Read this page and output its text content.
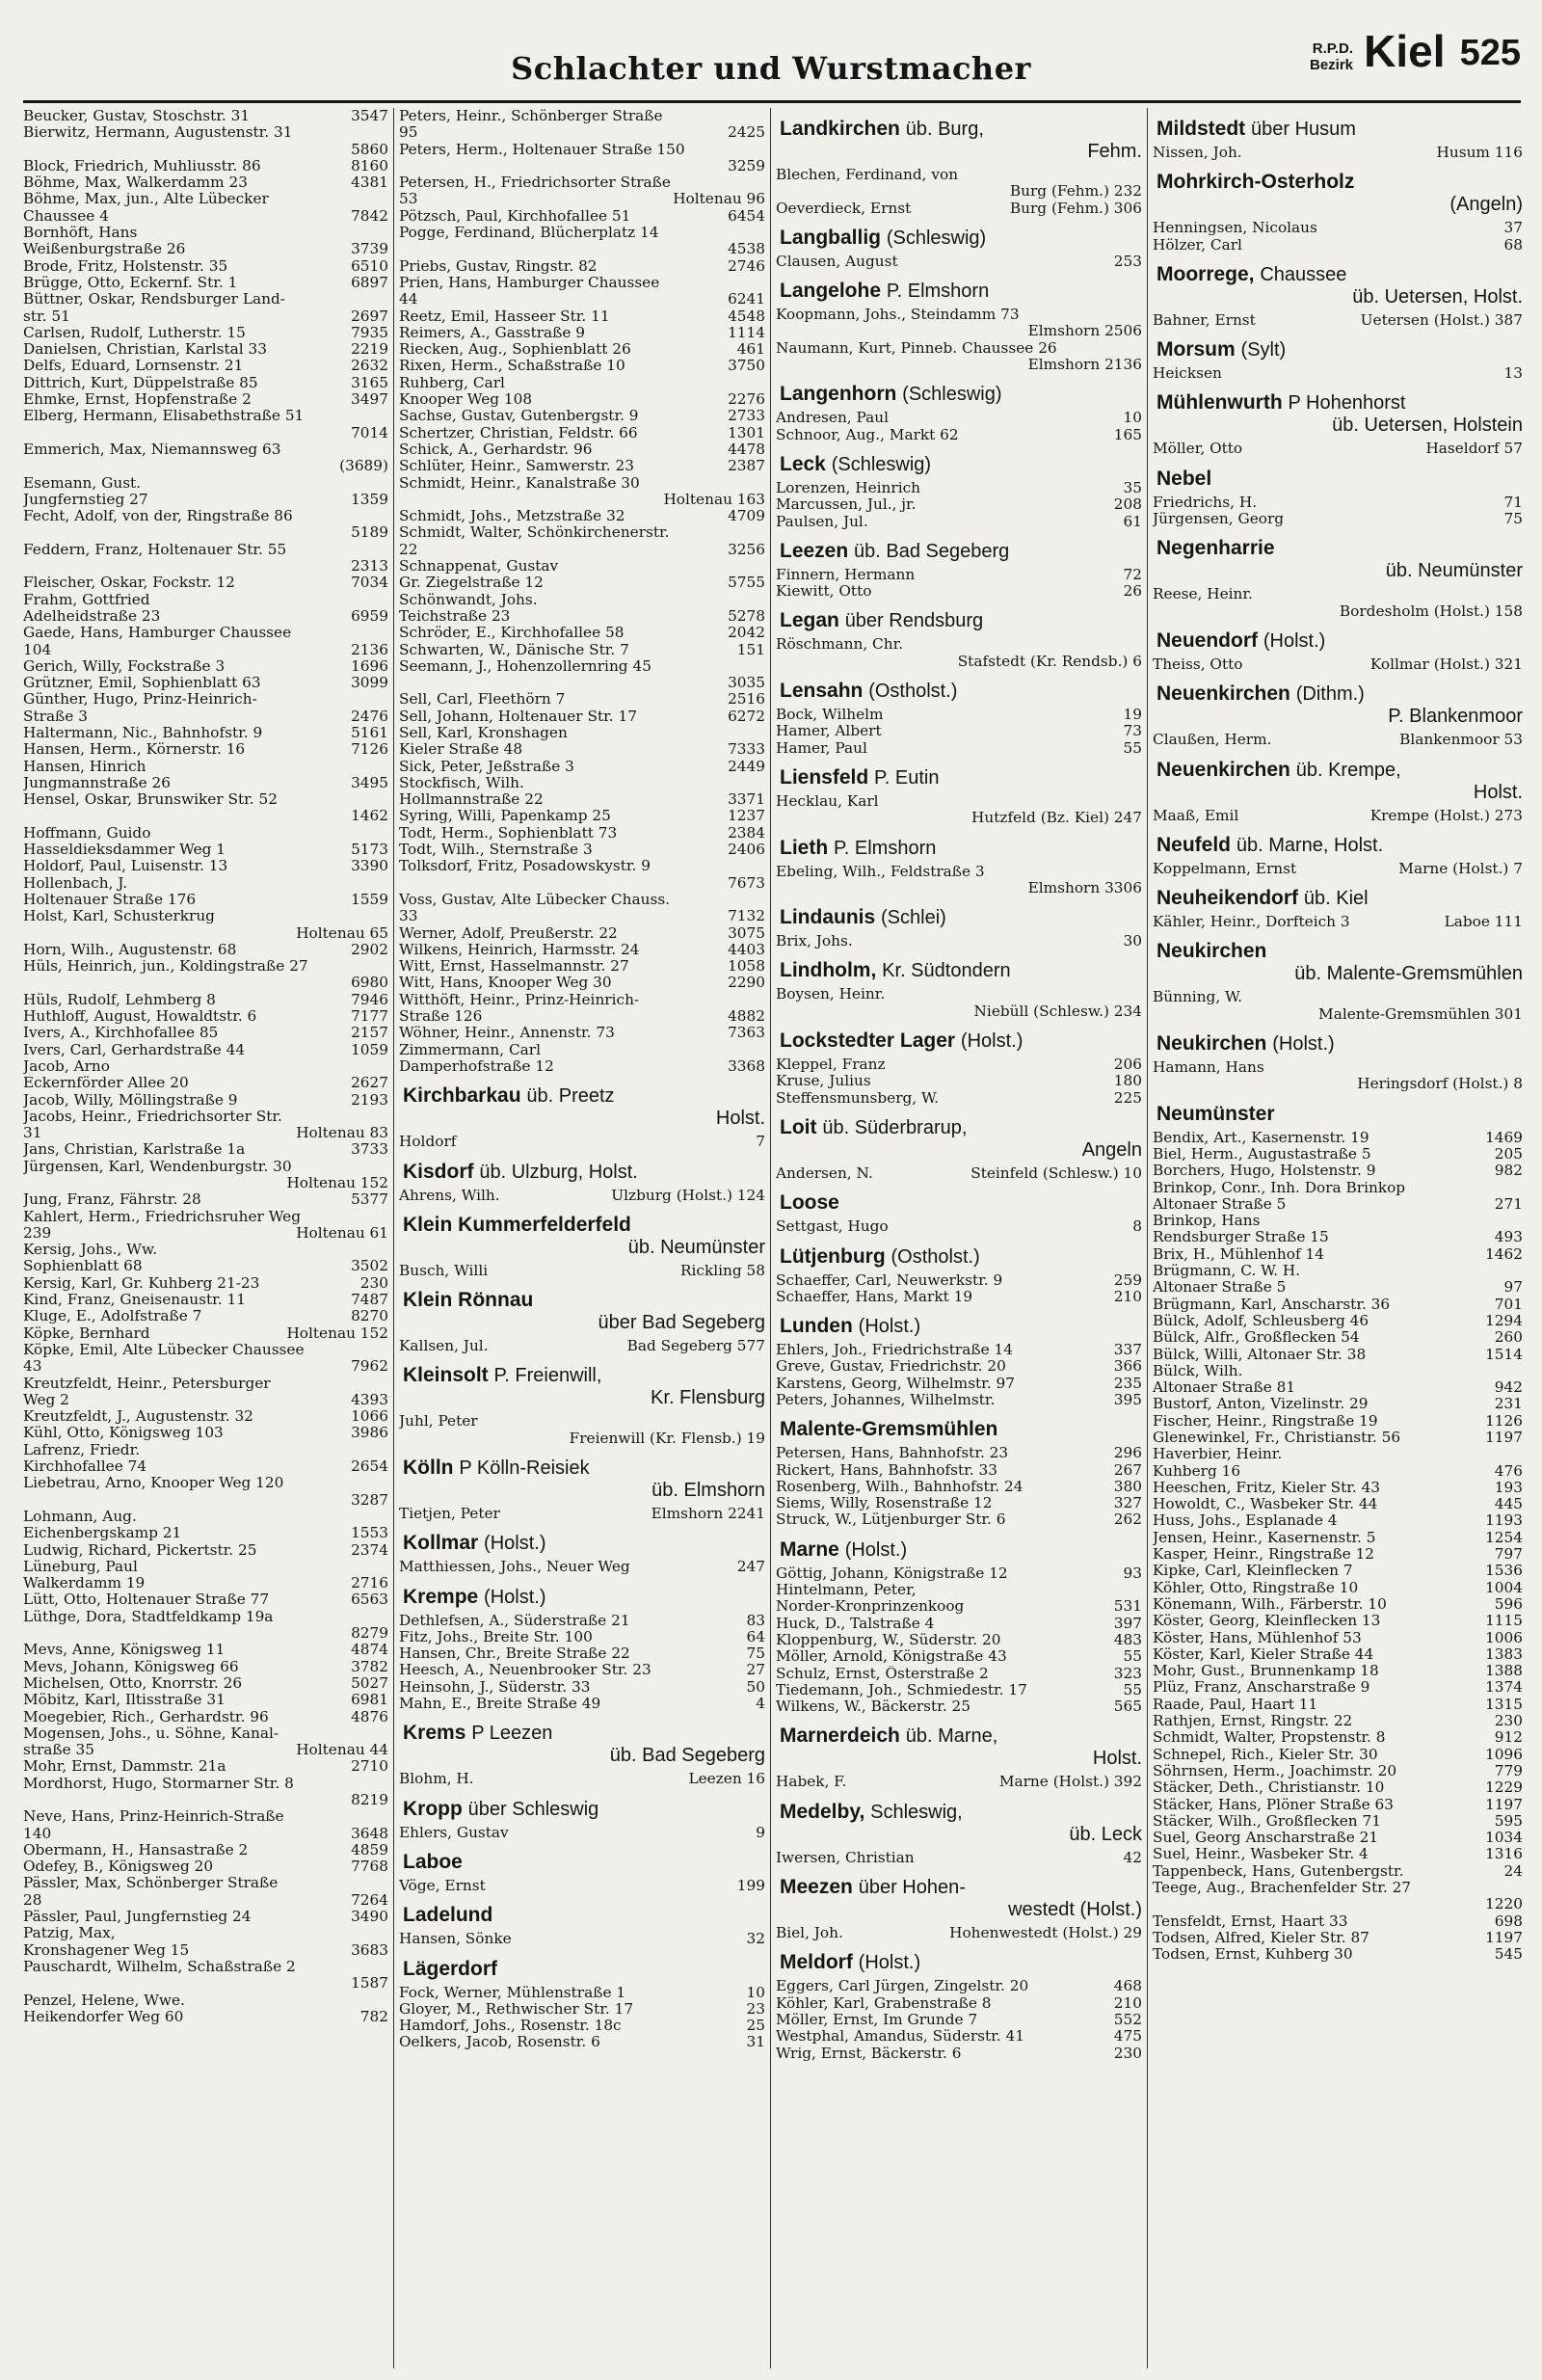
Schlachter und Wurstmacher
R.P.D.
Bezirk Kiel 525
3547
Beucker, Gustav, Stoschstr. 31
Bierwitz, Hermann, Augustenstr. 31
5860
8160
Block, Friedrich, Muhliusstr. 86
4381
Böhme, Max, Walkerdamm 23
Böhme, Max, jun., Alte Lübecker
7842
Chaussee 4
Bornhöft, Hans
3739
Weißenburgstraße 26
6510
Brode, Fritz, Holstenstr. 35
6897
Brügge, Otto, Eckernf. Str. 1
Büttner, Oskar, Rendsburger Land-
2697
str. 51
7935
Carlsen, Rudolf, Lutherstr. 15
2219
Danielsen, Christian, Karlstal 33
2632
Delfs, Eduard, Lornsenstr. 21
3165
Dittrich, Kurt, Düppelstraße 85
3497
Ehmke, Ernst, Hopfenstraße 2
Elberg, Hermann, Elisabethstraße 51
7014
Emmerich, Max, Niemannsweg 63
(3689)
Esemann, Gust.
1359
Jungfernstieg 27
Fecht, Adolf, von der, Ringstraße 86
5189
Feddern, Franz, Holtenauer Str. 55
2313
7034
Fleischer, Oskar, Fockstr. 12
Frahm, Gottfried
6959
Adelheidstraße 23
Gaede, Hans, Hamburger Chaussee
2136
104
1696
Gerich, Willy, Fockstraße 3
3099
Grützner, Emil, Sophienblatt 63
Günther, Hugo, Prinz-Heinrich-
2476
Straße 3
5161
Haltermann, Nic., Bahnhofstr. 9
7126
Hansen, Herm., Körnerstr. 16
Hansen, Hinrich
3495
Jungmannstraße 26
Hensel, Oskar, Brunswiker Str. 52
1462
Hoffmann, Guido
5173
Hasseldieksdammer Weg 1
3390
Holdorf, Paul, Luisenstr. 13
Hollenbach, J.
1559
Holtenauer Straße 176
Holst, Karl, Schusterkrug
Holtenau 65
2902
Horn, Wilh., Augustenstr. 68
Hüls, Heinrich, jun., Koldingstraße 27
6980
7946
Hüls, Rudolf, Lehmberg 8
7177
Huthloff, August, Howaldtstr. 6
2157
Ivers, A., Kirchhofallee 85
1059
Ivers, Carl, Gerhardstraße 44
Jacob, Arno
2627
Eckernförder Allee 20
2193
Jacob, Willy, Möllingstraße 9
Jacobs, Heinr., Friedrichsorter Str.
Holtenau 83
31
3733
Jans, Christian, Karlstraße 1a
Jürgensen, Karl, Wendenburgstr. 30
Holtenau 152
5377
Jung, Franz, Fährstr. 28
Kahlert, Herm., Friedrichsruher Weg
Holtenau 61
239
Kersig, Johs., Ww.
3502
Sophienblatt 68
230
Kersig, Karl, Gr. Kuhberg 21-23
7487
Kind, Franz, Gneisenaustr. 11
8270
Kluge, E., Adolfstraße 7
Holtenau 152
Köpke, Bernhard
Köpke, Emil, Alte Lübecker Chaussee
7962
43
Kreutzfeldt, Heinr., Petersburger
4393
Weg 2
1066
Kreutzfeldt, J., Augustenstr. 32
3986
Kühl, Otto, Königsweg 103
Lafrenz, Friedr.
2654
Kirchhofallee 74
Liebetrau, Arno, Knooper Weg 120
3287
Lohmann, Aug.
1553
Eichenbergskamp 21
2374
Ludwig, Richard, Pickertstr. 25
Lüneburg, Paul
2716
Walkerdamm 19
6563
Lütt, Otto, Holtenauer Straße 77
Lüthge, Dora, Stadtfeldkamp 19a
8279
4874
Mevs, Anne, Königsweg 11
3782
Mevs, Johann, Königsweg 66
5027
Michelsen, Otto, Knorrstr. 26
6981
Möbitz, Karl, Iltisstraße 31
4876
Moegebier, Rich., Gerhardstr. 96
Mogensen, Johs., u. Söhne, Kanal-
Holtenau 44
straße 35
2710
Mohr, Ernst, Dammstr. 21a
Mordhorst, Hugo, Stormarner Str. 8
8219
Neve, Hans, Prinz-Heinrich-Straße
3648
140
4859
Obermann, H., Hansastraße 2
7768
Odefey, B., Königsweg 20
Pässler, Max, Schönberger Straße
7264
28
3490
Pässler, Paul, Jungfernstieg 24
Patzig, Max,
3683
Kronshagener Weg 15
Pauschardt, Wilhelm, Schaßstraße 2
1587
Penzel, Helene, Wwe.
782
Heikendorfer Weg 60
Peters, Heinr., Schönberger Straße
2425
95
Peters, Herm., Holtenauer Straße 150
3259
Petersen, H., Friedrichsorter Straße
Holtenau 96
53
6454
Pötzsch, Paul, Kirchhofallee 51
Pogge, Ferdinand, Blücherplatz 14
4538
2746
Priebs, Gustav, Ringstr. 82
Prien, Hans, Hamburger Chaussee
6241
44
4548
Reetz, Emil, Hasseer Str. 11
1114
Reimers, A., Gasstraße 9
461
Riecken, Aug., Sophienblatt 26
3750
Rixen, Herm., Schaßstraße 10
Ruhberg, Carl
2276
Knooper Weg 108
2733
Sachse, Gustav, Gutenbergstr. 9
1301
Schertzer, Christian, Feldstr. 66
4478
Schick, A., Gerhardstr. 96
2387
Schlüter, Heinr., Samwerstr. 23
Schmidt, Heinr., Kanalstraße 30
Holtenau 163
4709
Schmidt, Johs., Metzstraße 32
Schmidt, Walter, Schönkirchenerstr.
3256
22
Schnappenat, Gustav
5755
Gr. Ziegelstraße 12
Schönwandt, Johs.
5278
Teichstraße 23
2042
Schröder, E., Kirchhofallee 58
151
Schwarten, W., Dänische Str. 7
Seemann, J., Hohenzollernring 45
3035
2516
Sell, Carl, Fleethörn 7
6272
Sell, Johann, Holtenauer Str. 17
Sell, Karl, Kronshagen
7333
Kieler Straße 48
2449
Sick, Peter, Jeßstraße 3
Stockfisch, Wilh.
3371
Hollmannstraße 22
1237
Syring, Willi, Papenkamp 25
2384
Todt, Herm., Sophienblatt 73
2406
Todt, Wilh., Sternstraße 3
Tolksdorf, Fritz, Posadowskystr. 9
7673
Voss, Gustav, Alte Lübecker Chauss.
7132
33
3075
Werner, Adolf, Preußerstr. 22
4403
Wilkens, Heinrich, Harmsstr. 24
1058
Witt, Ernst, Hasselmannstr. 27
2290
Witt, Hans, Knooper Weg 30
Witthöft, Heinr., Prinz-Heinrich-
4882
Straße 126
7363
Wöhner, Heinr., Annenstr. 73
Zimmermann, Carl
3368
Damperhofstraße 12
Kirchbarkau üb. Preetz
Holst.
7
Holdorf
Kisdorf üb. Ulzburg, Holst.
Ulzburg (Holst.) 124
Ahrens, Wilh.
Klein Kummerfelderfeld
üb. Neumünster
Rickling 58
Busch, Willi
Klein Rönnau
über Bad Segeberg
Bad Segeberg 577
Kallsen, Jul.
Kleinsolt P. Freienwill,
Kr. Flensburg
Juhl, Peter
Freienwill (Kr. Flensb.) 19
Kölln P Kölln-Reisiek
üb. Elmshorn
Elmshorn 2241
Tietjen, Peter
Kollmar (Holst.)
247
Matthiessen, Johs., Neuer Weg
Krempe (Holst.)
83
Dethlefsen, A., Süderstraße 21
64
Fitz, Johs., Breite Str. 100
75
Hansen, Chr., Breite Straße 22
27
Heesch, A., Neuenbrooker Str. 23
50
Heinsohn, J., Süderstr. 33
4
Mahn, E., Breite Straße 49
Krems P Leezen
üb. Bad Segeberg
Leezen 16
Blohm, H.
Kropp über Schleswig
9
Ehlers, Gustav
Laboe
199
Vöge, Ernst
Ladelund
32
Hansen, Sönke
Lägerdorf
10
Fock, Werner, Mühlenstraße 1
23
Gloyer, M., Rethwischer Str. 17
25
Hamdorf, Johs., Rosenstr. 18c
31
Oelkers, Jacob, Rosenstr. 6
Landkirchen üb. Burg,
Fehm.
Blechen, Ferdinand, von
Burg (Fehm.) 232
Burg (Fehm.) 306
Oeverdieck, Ernst
Langballig (Schleswig)
253
Clausen, August
Langelohe P. Elmshorn
Koopmann, Johs., Steindamm 73
Elmshorn 2506
Naumann, Kurt, Pinneb. Chaussee 26
Elmshorn 2136
Langenhorn (Schleswig)
10
Andresen, Paul
165
Schnoor, Aug., Markt 62
Leck (Schleswig)
35
Lorenzen, Heinrich
208
Marcussen, Jul., jr.
61
Paulsen, Jul.
Leezen üb. Bad Segeberg
72
Finnern, Hermann
26
Kiewitt, Otto
Legan über Rendsburg
Röschmann, Chr.
Stafstedt (Kr. Rendsb.) 6
Lensahn (Ostholst.)
19
Bock, Wilhelm
73
Hamer, Albert
55
Hamer, Paul
Liensfeld P. Eutin
Hecklau, Karl
Hutzfeld (Bz. Kiel) 247
Lieth P. Elmshorn
Ebeling, Wilh., Feldstraße 3
Elmshorn 3306
Lindaunis (Schlei)
30
Brix, Johs.
Lindholm, Kr. Südtondern
Boysen, Heinr.
Niebüll (Schlesw.) 234
Lockstedter Lager (Holst.)
206
Kleppel, Franz
180
Kruse, Julius
225
Steffensmunsberg, W.
Loit üb. Süderbrarup,
Angeln
Steinfeld (Schlesw.) 10
Andersen, N.
Loose
8
Settgast, Hugo
Lütjenburg (Ostholst.)
259
Schaeffer, Carl, Neuwerkstr. 9
210
Schaeffer, Hans, Markt 19
Lunden (Holst.)
337
Ehlers, Joh., Friedrichstraße 14
366
Greve, Gustav, Friedrichstr. 20
235
Karstens, Georg, Wilhelmstr. 97
395
Peters, Johannes, Wilhelmstr.
Malente-Gremsmühlen
296
Petersen, Hans, Bahnhofstr. 23
267
Rickert, Hans, Bahnhofstr. 33
380
Rosenberg, Wilh., Bahnhofstr. 24
327
Siems, Willy, Rosenstraße 12
262
Struck, W., Lütjenburger Str. 6
Marne (Holst.)
93
Göttig, Johann, Königstraße 12
Hintelmann, Peter,
531
Norder-Kronprinzenkoog
397
Huck, D., Talstraße 4
483
Kloppenburg, W., Süderstr. 20
55
Möller, Arnold, Königstraße 43
323
Schulz, Ernst, Österstraße 2
55
Tiedemann, Joh., Schmiedestr. 17
565
Wilkens, W., Bäckerstr. 25
Marnerdeich üb. Marne,
Holst.
Marne (Holst.) 392
Habek, F.
Medelby, Schleswig,
üb. Leck
42
Iwersen, Christian
Meezen über Hohen-
westedt (Holst.)
Hohenwestedt (Holst.) 29
Biel, Joh.
Meldorf (Holst.)
468
Eggers, Carl Jürgen, Zingelstr. 20
210
Köhler, Karl, Grabenstraße 8
552
Möller, Ernst, Im Grunde 7
475
Westphal, Amandus, Süderstr. 41
230
Wrig, Ernst, Bäckerstr. 6
Mildstedt über Husum
Husum 116
Nissen, Joh.
Mohrkirch-Osterholz
(Angeln)
37
Henningsen, Nicolaus
68
Hölzer, Carl
Moorrege, Chaussee
üb. Uetersen, Holst.
Uetersen (Holst.) 387
Bahner, Ernst
Morsum (Sylt)
13
Heicksen
Mühlenwurth P Hohenhorst
üb. Uetersen, Holstein
Haseldorf 57
Möller, Otto
Nebel
71
Friedrichs, H.
75
Jürgensen, Georg
Negenharrie
üb. Neumünster
Reese, Heinr.
Bordesholm (Holst.) 158
Neuendorf (Holst.)
Kollmar (Holst.) 321
Theiss, Otto
Neuenkirchen (Dithm.)
P. Blankenmoor
Blankenmoor 53
Claußen, Herm.
Neuenkirchen üb. Krempe,
Holst.
Krempe (Holst.) 273
Maaß, Emil
Neufeld üb. Marne, Holst.
Marne (Holst.) 7
Koppelmann, Ernst
Neuheikendorf üb. Kiel
Laboe 111
Kähler, Heinr., Dorfteich 3
Neukirchen
üb. Malente-Gremsmühlen
Bünning, W.
Malente-Gremsmühlen 301
Neukirchen (Holst.)
Hamann, Hans
Heringsdorf (Holst.) 8
Neumünster
1469
Bendix, Art., Kasernenstr. 19
205
Biel, Herm., Augustastraße 5
982
Borchers, Hugo, Holstenstr. 9
Brinkop, Conr., Inh. Dora Brinkop
271
Altonaer Straße 5
Brinkop, Hans
493
Rendsburger Straße 15
1462
Brix, H., Mühlenhof 14
Brügmann, C. W. H.
97
Altonaer Straße 5
701
Brügmann, Karl, Anscharstr. 36
1294
Bülck, Adolf, Schleusberg 46
260
Bülck, Alfr., Großflecken 54
1514
Bülck, Willi, Altonaer Str. 38
Bülck, Wilh.
942
Altonaer Straße 81
231
Bustorf, Anton, Vizelinstr. 29
1126
Fischer, Heinr., Ringstraße 19
1197
Glenewinkel, Fr., Christianstr. 56
Haverbier, Heinr.
476
Kuhberg 16
193
Heeschen, Fritz, Kieler Str. 43
445
Howoldt, C., Wasbeker Str. 44
1193
Huss, Johs., Esplanade 4
1254
Jensen, Heinr., Kasernenstr. 5
797
Kasper, Heinr., Ringstraße 12
1536
Kipke, Carl, Kleinflecken 7
1004
Köhler, Otto, Ringstraße 10
596
Könemann, Wilh., Färberstr. 10
1115
Köster, Georg, Kleinflecken 13
1006
Köster, Hans, Mühlenhof 53
1383
Köster, Karl, Kieler Straße 44
1388
Mohr, Gust., Brunnenkamp 18
1374
Plüz, Franz, Anscharstraße 9
1315
Raade, Paul, Haart 11
230
Rathjen, Ernst, Ringstr. 22
912
Schmidt, Walter, Propstenstr. 8
1096
Schnepel, Rich., Kieler Str. 30
779
Söhrnsen, Herm., Joachimstr. 20
1229
Stäcker, Deth., Christianstr. 10
1197
Stäcker, Hans, Plöner Straße 63
595
Stäcker, Wilh., Großflecken 71
1034
Suel, Georg Anscharstraße 21
1316
Suel, Heinr., Wasbeker Str. 4
24
Tappenbeck, Hans, Gutenbergstr.
Teege, Aug., Brachenfelder Str. 27
1220
698
Tensfeldt, Ernst, Haart 33
1197
Todsen, Alfred, Kieler Str. 87
545
Todsen, Ernst, Kuhberg 30
